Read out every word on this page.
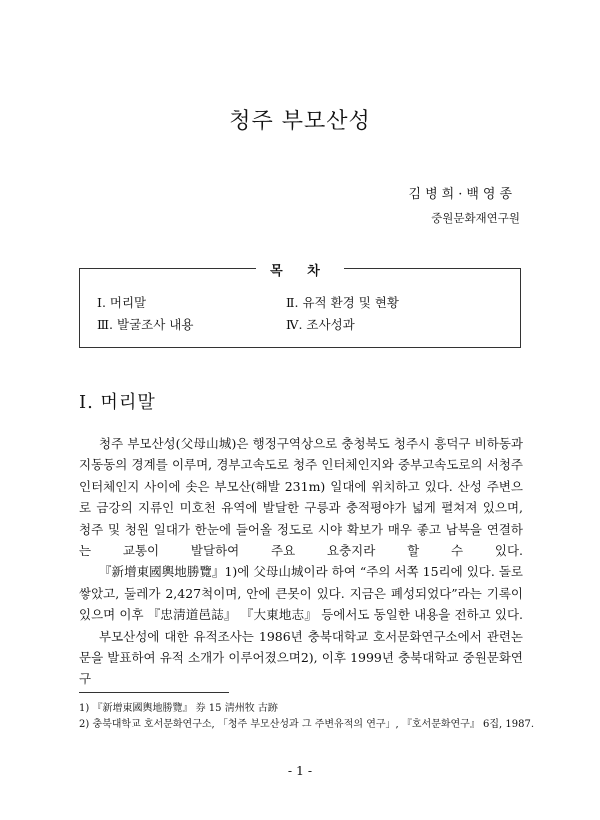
청주 부모산성
김병희·백영종
중원문화재연구원
목 차
Ⅰ. 머리말	Ⅱ. 유적 환경 및 현황
Ⅲ. 발굴조사 내용	Ⅳ. 조사성과
Ⅰ. 머리말

청주 부모산성(父母山城)은 행정구역상으로 충청북도 청주시 흥덕구 비하동과 지동동의 경계를 이루며, 경부고속도로 청주 인터체인지와 중부고속도로의 서청주 인터체인지 사이에 솟은 부모산(해발 231m) 일대에 위치하고 있다. 산성 주변으로 금강의 지류인 미호천 유역에 발달한 구릉과 충적평야가 넓게 펼쳐져 있으며, 청주 및 청원 일대가 한눈에 들어올 정도로 시야 확보가 매우 좋고 남북을 연결하는 교통이 발달하여 주요 요충지라 할 수 있다.

『新增東國輿地勝覽』1)에 父母山城이라 하여 “주의 서쪽 15리에 있다. 돌로 쌓았고, 둘레가 2,427척이며, 안에 큰못이 있다. 지금은 폐성되었다”라는 기록이 있으며 이후 『忠淸道邑誌』 『大東地志』 등에서도 동일한 내용을 전하고 있다.

부모산성에 대한 유적조사는 1986년 충북대학교 호서문화연구소에서 관련논문을 발표하여 유적 소개가 이루어졌으며2), 이후 1999년 충북대학교 중원문화연구

1) 『新增東國輿地勝覽』 券 15 淸州牧 古跡
2) 충북대학교 호서문화연구소, 「청주 부모산성과 그 주변유적의 연구」, 『호서문화연구』 6집, 1987.
- 1 -
